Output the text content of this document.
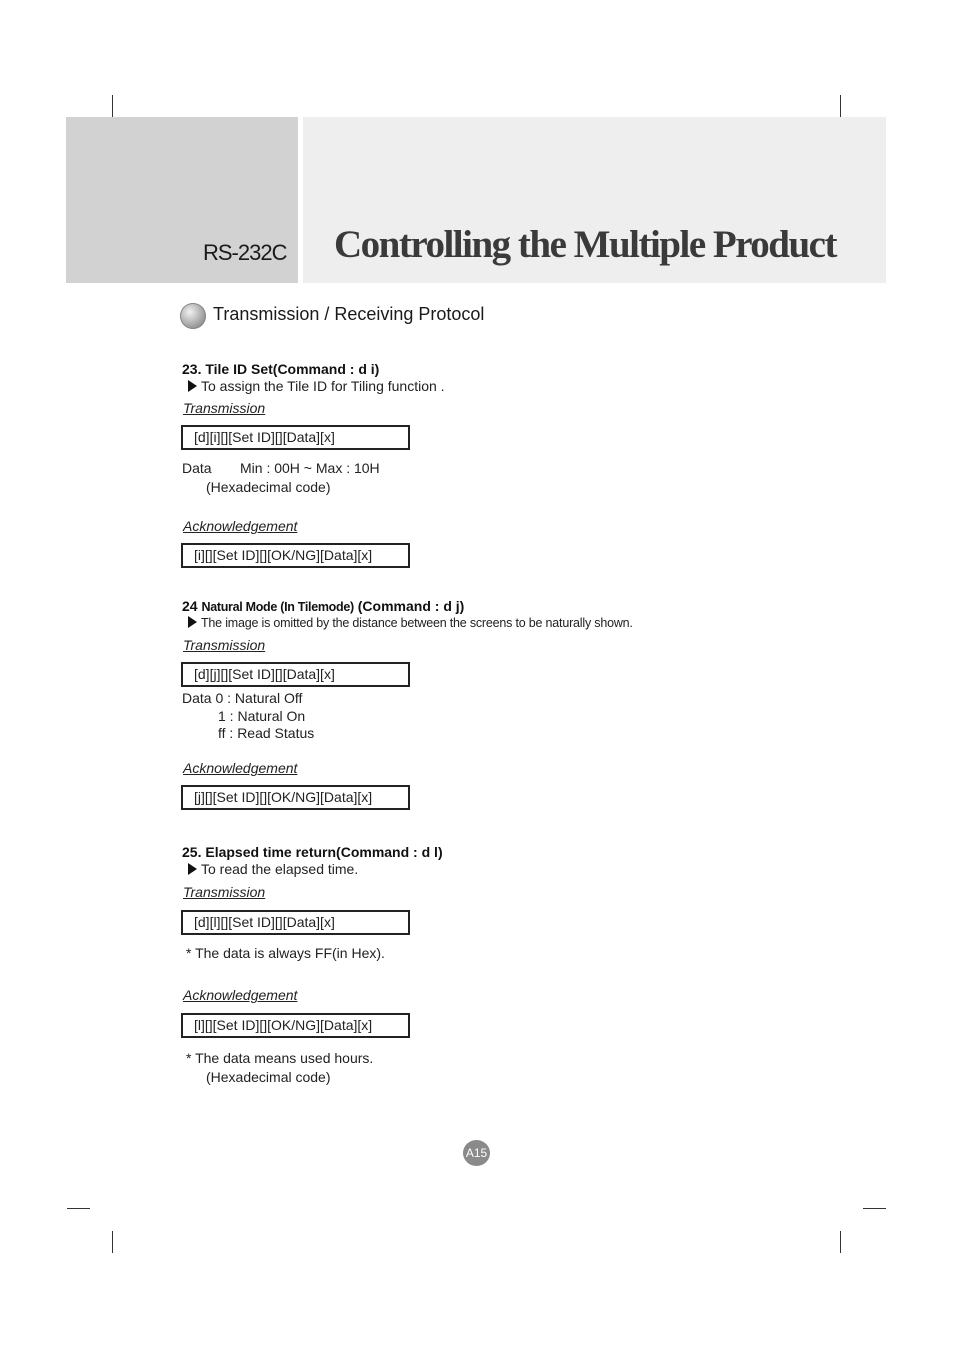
RS-232C Controlling the Multiple Product
Transmission / Receiving Protocol
23. Tile ID Set(Command : d i)
To assign the Tile ID for Tiling function .
Transmission
[d][i][][Set ID][][Data][x]
Data Min : 00H ~ Max : 10H
(Hexadecimal code)
Acknowledgement
[i][][Set ID][][OK/NG][Data][x]
24 Natural Mode (In Tilemode) (Command : d j)
The image is omitted by the distance between the screens to be naturally shown.
Transmission
[d][j][][Set ID][][Data][x]
Data 0 : Natural Off
1 : Natural On
ff : Read Status
Acknowledgement
[j][][Set ID][][OK/NG][Data][x]
25. Elapsed time return(Command : d l)
To read the elapsed time.
Transmission
[d][l][][Set ID][][Data][x]
* The data is always FF(in Hex).
Acknowledgement
[l][][Set ID][][OK/NG][Data][x]
* The data means used hours.
(Hexadecimal code)
A15
